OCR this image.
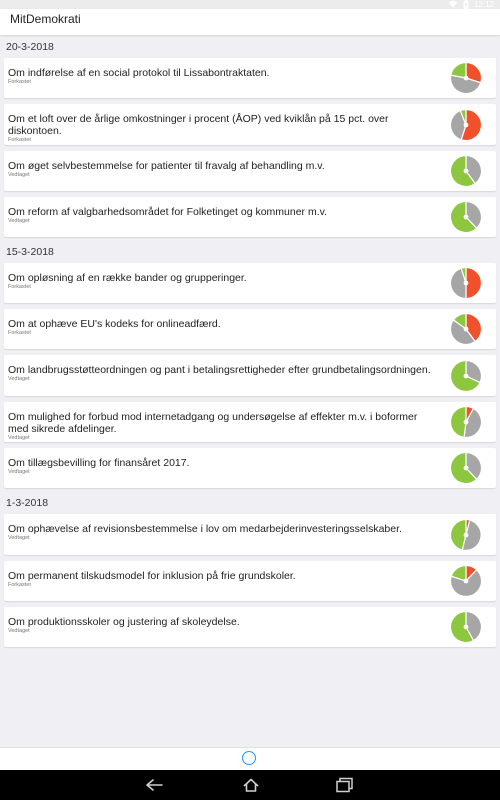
12:12
MitDemokrati
20-3-2018
Om indførelse af en social protokol til Lissabontraktaten.
Forkastet
Om et loft over de årlige omkostninger i procent (ÅOP) ved kviklån på 15 pct. over diskontoen.
Forkastet
Om øget selvbestemmelse for patienter til fravalg af behandling m.v.
Vedtaget
Om reform af valgbarhedsområdet for Folketinget og kommuner m.v.
Vedtaget
15-3-2018
Om opløsning af en række bander og grupperinger.
Forkastet
Om at ophæve EU's kodeks for onlineadfærd.
Forkastet
Om landbrugsstøtteordningen og pant i betalingsrettigheder efter grundbetalingsordningen.
Vedtaget
Om mulighed for forbud mod internetadgang og undersøgelse af effekter m.v. i boformer med sikrede afdelinger.
Vedtaget
Om tillægsbevilling for finansåret 2017.
Vedtaget
1-3-2018
Om ophævelse af revisionsbestemmelse i lov om medarbejderinvesteringsselskaber.
Vedtaget
Om permanent tilskudsmodel for inklusion på frie grundskoler.
Forkastet
Om produktionsskoler og justering af skoleydelse.
Vedtaget
